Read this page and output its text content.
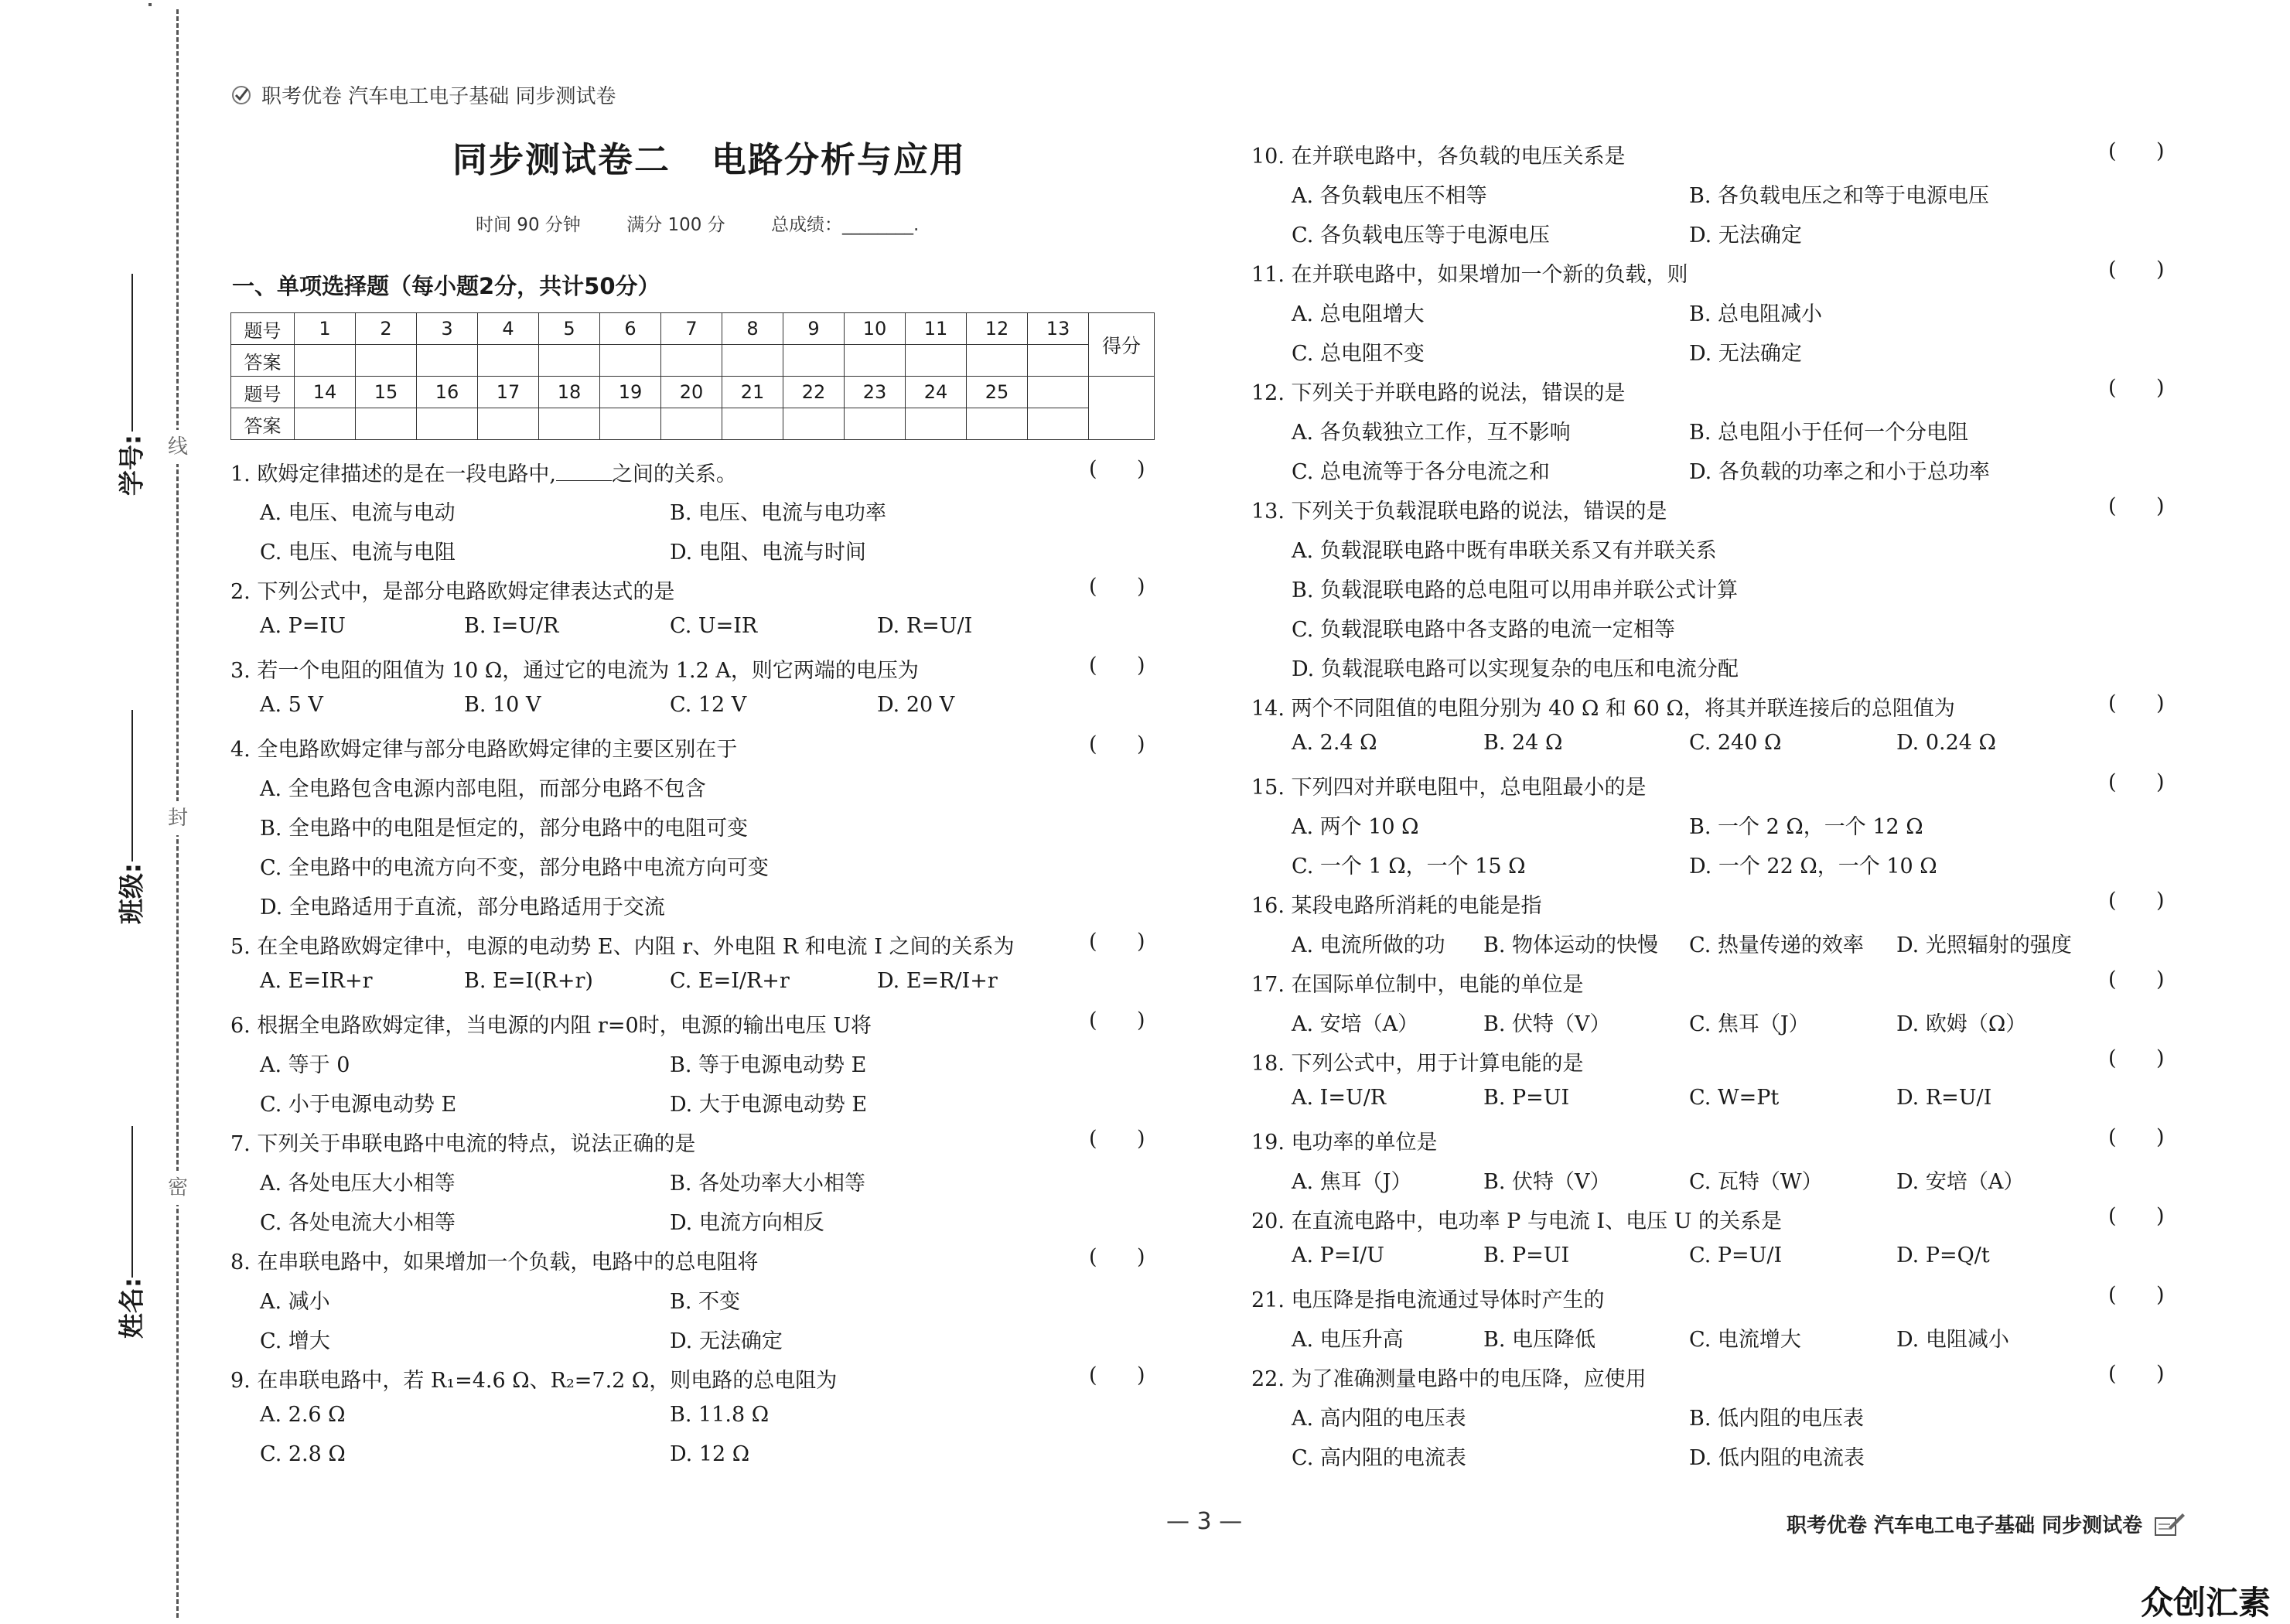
线
封
密
学号:
班级:
姓名:
职考优卷 汽车电工电子基础 同步测试卷
同步测试卷二   电路分析与应用
时间 90 分钟	满分 100 分	总成绩：________.
一、单项选择题（每小题2分，共计50分）
题号	1	2	3	4	5	6	7	8	9	10	11	12	13	得分
答案														
题号	14	15	16	17	18	19	20	21	22	23	24	25		
答案														
1. 欧姆定律描述的是在一段电路中,	之间的关系。	(      )
A. 电压、电流与电动	B. 电压、电流与电功率
C. 电压、电流与电阻	D. 电阻、电流与时间
2. 下列公式中，是部分电路欧姆定律表达式的是	(      )
A. P=IU	B. I=U/R	C. U=IR	D. R=U/I
3. 若一个电阻的阻值为 10 Ω，通过它的电流为 1.2 A，则它两端的电压为	(      )
A. 5 V	B. 10 V	C. 12 V	D. 20 V
4. 全电路欧姆定律与部分电路欧姆定律的主要区别在于	(      )
A. 全电路包含电源内部电阻，而部分电路不包含
B. 全电路中的电阻是恒定的，部分电路中的电阻可变
C. 全电路中的电流方向不变，部分电路中电流方向可变
D. 全电路适用于直流，部分电路适用于交流
5. 在全电路欧姆定律中，电源的电动势 E、内阻 r、外电阻 R 和电流 I 之间的关系为	(      )
A. E=IR+r	B. E=I(R+r)	C. E=I/R+r	D. E=R/I+r
6. 根据全电路欧姆定律，当电源的内阻 r=0时，电源的输出电压 U将	(      )
A. 等于 0	B. 等于电源电动势 E
C. 小于电源电动势 E	D. 大于电源电动势 E
7. 下列关于串联电路中电流的特点，说法正确的是	(      )
A. 各处电压大小相等	B. 各处功率大小相等
C. 各处电流大小相等	D. 电流方向相反
8. 在串联电路中，如果增加一个负载，电路中的总电阻将	(      )
A. 减小	B. 不变
C. 增大	D. 无法确定
9. 在串联电路中，若 R₁=4.6 Ω、R₂=7.2 Ω，则电路的总电阻为	(      )
A. 2.6 Ω	B. 11.8 Ω
C. 2.8 Ω	D. 12 Ω
10. 在并联电路中，各负载的电压关系是	(      )
A. 各负载电压不相等	B. 各负载电压之和等于电源电压
C. 各负载电压等于电源电压	D. 无法确定
11. 在并联电路中，如果增加一个新的负载，则	(      )
A. 总电阻增大	B. 总电阻减小
C. 总电阻不变	D. 无法确定
12. 下列关于并联电路的说法，错误的是	(      )
A. 各负载独立工作，互不影响	B. 总电阻小于任何一个分电阻
C. 总电流等于各分电流之和	D. 各负载的功率之和小于总功率
13. 下列关于负载混联电路的说法，错误的是	(      )
A. 负载混联电路中既有串联关系又有并联关系
B. 负载混联电路的总电阻可以用串并联公式计算
C. 负载混联电路中各支路的电流一定相等
D. 负载混联电路可以实现复杂的电压和电流分配
14. 两个不同阻值的电阻分别为 40 Ω 和 60 Ω，将其并联连接后的总阻值为	(      )
A. 2.4 Ω	B. 24 Ω	C. 240 Ω	D. 0.24 Ω
15. 下列四对并联电阻中，总电阻最小的是	(      )
A. 两个 10 Ω	B. 一个 2 Ω，一个 12 Ω
C. 一个 1 Ω，一个 15 Ω	D. 一个 22 Ω，一个 10 Ω
16. 某段电路所消耗的电能是指	(      )
A. 电流所做的功 B. 物体运动的快慢 C. 热量传递的效率 D. 光照辐射的强度
17. 在国际单位制中，电能的单位是	(      )
A. 安培（A）	B. 伏特（V）	C. 焦耳（J）	D. 欧姆（Ω）
18. 下列公式中，用于计算电能的是	(      )
A. I=U/R	B. P=UI	C. W=Pt	D. R=U/I
19. 电功率的单位是	(      )
A. 焦耳（J）	B. 伏特（V）	C. 瓦特（W）	D. 安培（A）
20. 在直流电路中，电功率 P 与电流 I、电压 U 的关系是	(      )
A. P=I/U	B. P=UI	C. P=U/I	D. P=Q/t
21. 电压降是指电流通过导体时产生的	(      )
A. 电压升高	B. 电压降低	C. 电流增大	D. 电阻减小
22. 为了准确测量电路中的电压降，应使用	(      )
A. 高内阻的电压表	B. 低内阻的电压表
C. 高内阻的电流表	D. 低内阻的电流表
— 3 —	职考优卷 汽车电工电子基础 同步测试卷
众创汇素
